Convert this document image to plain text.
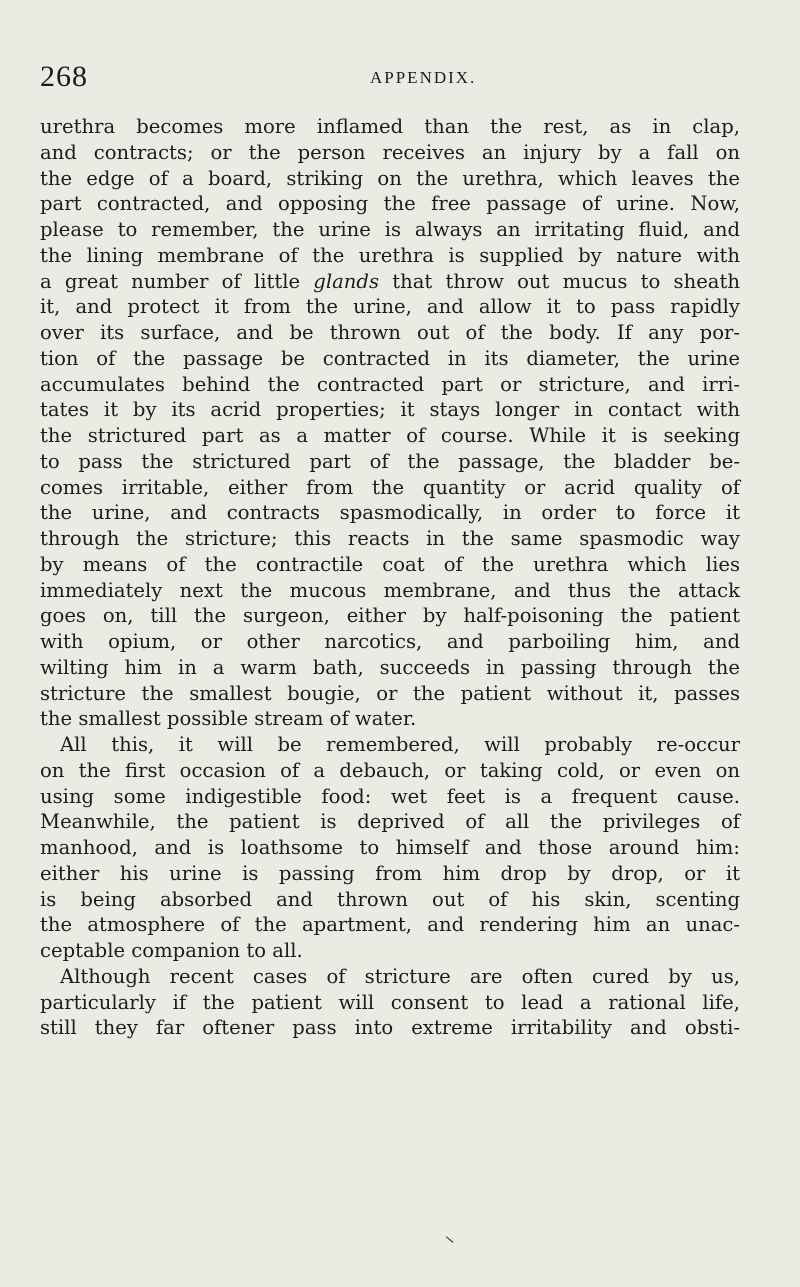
268	APPENDIX.
urethra becomes more inflamed than the rest, as in clap,
and contracts; or the person receives an injury by a fall on
the edge of a board, striking on the urethra, which leaves the
part contracted, and opposing the free passage of urine. Now,
please to remember, the urine is always an irritating fluid, and
the lining membrane of the urethra is supplied by nature with
a great number of little glands that throw out mucus to sheath
it, and protect it from the urine, and allow it to pass rapidly
over its surface, and be thrown out of the body. If any por-
tion of the passage be contracted in its diameter, the urine
accumulates behind the contracted part or stricture, and irri-
tates it by its acrid properties; it stays longer in contact with
the strictured part as a matter of course. While it is seeking
to pass the strictured part of the passage, the bladder be-
comes irritable, either from the quantity or acrid quality of
the urine, and contracts spasmodically, in order to force it
through the stricture; this reacts in the same spasmodic way
by means of the contractile coat of the urethra which lies
immediately next the mucous membrane, and thus the attack
goes on, till the surgeon, either by half-poisoning the patient
with opium, or other narcotics, and parboiling him, and
wilting him in a warm bath, succeeds in passing through the
stricture the smallest bougie, or the patient without it, passes
the smallest possible stream of water.
All this, it will be remembered, will probably re-occur
on the first occasion of a debauch, or taking cold, or even on
using some indigestible food: wet feet is a frequent cause.
Meanwhile, the patient is deprived of all the privileges of
manhood, and is loathsome to himself and those around him:
either his urine is passing from him drop by drop, or it
is being absorbed and thrown out of his skin, scenting
the atmosphere of the apartment, and rendering him an unac-
ceptable companion to all.
Although recent cases of stricture are often cured by us,
particularly if the patient will consent to lead a rational life,
still they far oftener pass into extreme irritability and obsti-
